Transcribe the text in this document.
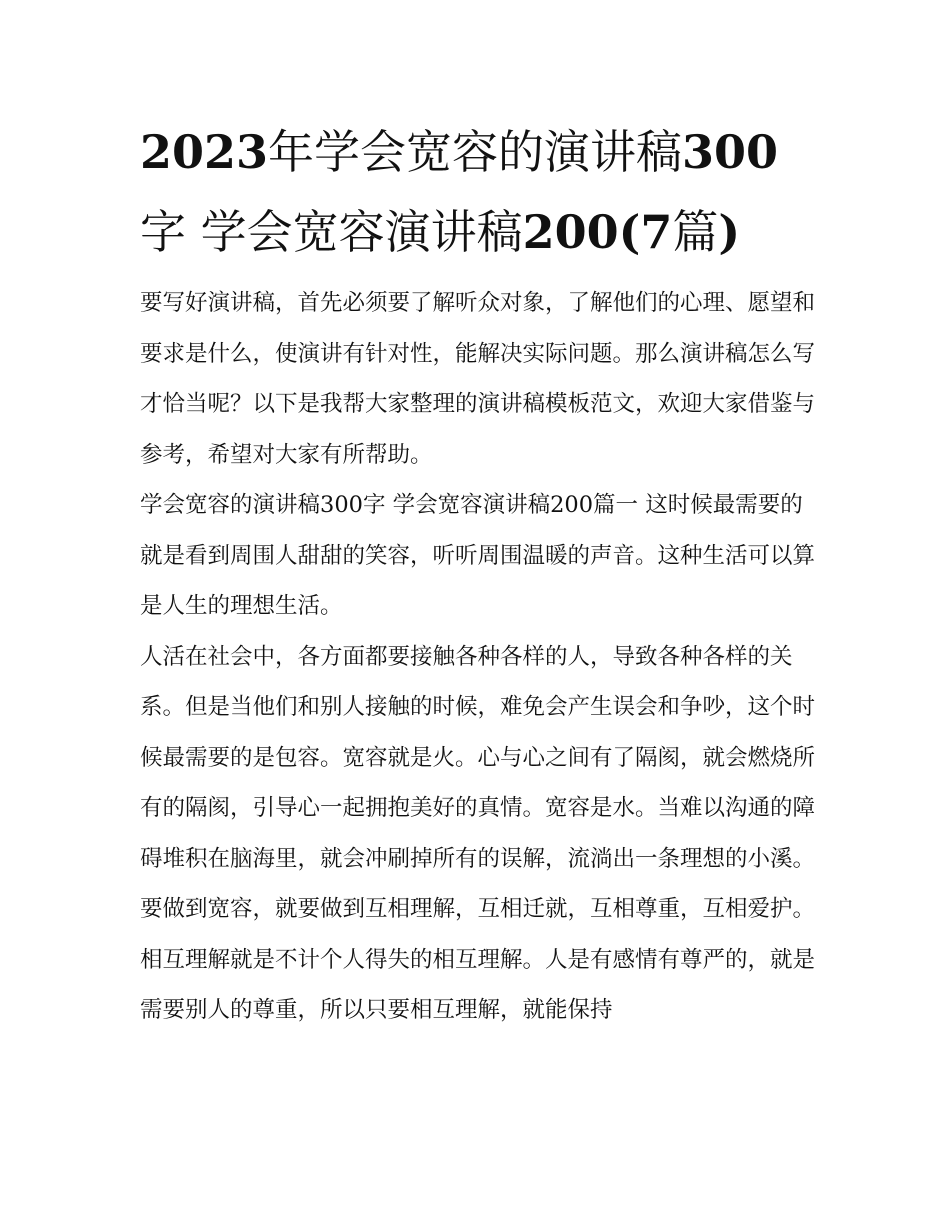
2023年学会宽容的演讲稿300字 学会宽容演讲稿200(7篇)

要写好演讲稿，首先必须要了解听众对象，了解他们的心理、愿望和要求是什么，使演讲有针对性，能解决实际问题。那么演讲稿怎么写才恰当呢？以下是我帮大家整理的演讲稿模板范文，欢迎大家借鉴与参考，希望对大家有所帮助。

学会宽容的演讲稿300字 学会宽容演讲稿200篇一 这时候最需要的就是看到周围人甜甜的笑容，听听周围温暖的声音。这种生活可以算是人生的理想生活。

人活在社会中，各方面都要接触各种各样的人，导致各种各样的关系。但是当他们和别人接触的时候，难免会产生误会和争吵，这个时候最需要的是包容。宽容就是火。心与心之间有了隔阂，就会燃烧所有的隔阂，引导心一起拥抱美好的真情。宽容是水。当难以沟通的障碍堆积在脑海里，就会冲刷掉所有的误解，流淌出一条理想的小溪。

要做到宽容，就要做到互相理解，互相迁就，互相尊重，互相爱护。相互理解就是不计个人得失的相互理解。人是有感情有尊严的，就是需要别人的尊重，所以只要相互理解，就能保持
